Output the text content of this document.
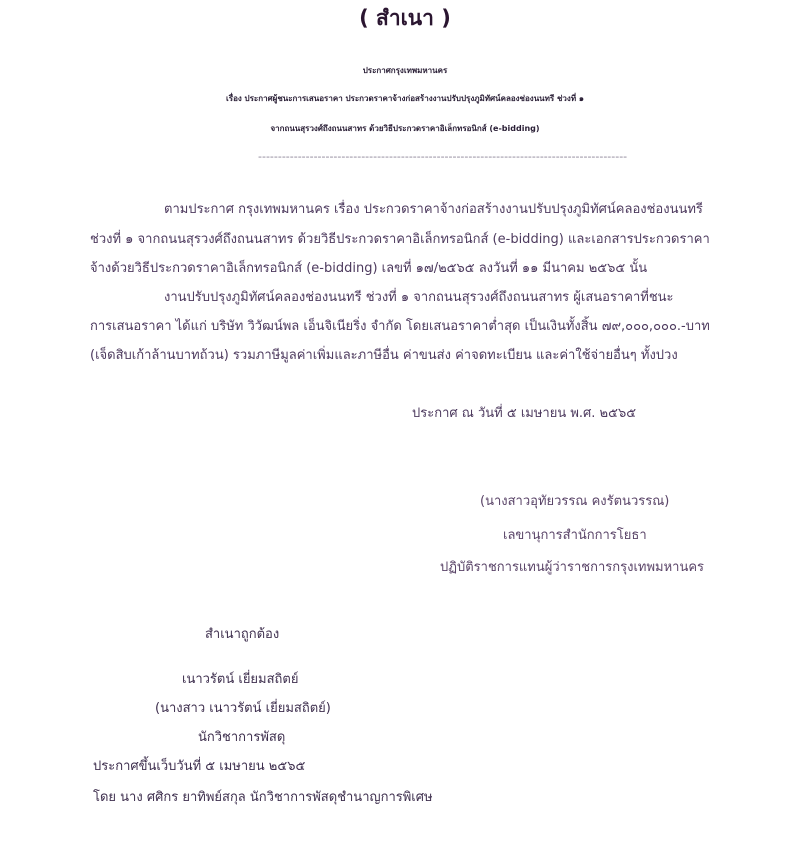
( สำเนา )
ประกาศกรุงเทพมหานคร
เรื่อง ประกาศผู้ชนะการเสนอราคา ประกวดราคาจ้างก่อสร้างงานปรับปรุงภูมิทัศน์คลองช่องนนทรี ช่วงที่ ๑
จากถนนสุรวงศ์ถึงถนนสาทร ด้วยวิธีประกวดราคาอิเล็กทรอนิกส์ (e-bidding)
---------------------------------------------------------------------------------------------
ตามประกาศ กรุงเทพมหานคร เรื่อง ประกวดราคาจ้างก่อสร้างงานปรับปรุงภูมิทัศน์คลองช่องนนทรี
ช่วงที่ ๑ จากถนนสุรวงศ์ถึงถนนสาทร ด้วยวิธีประกวดราคาอิเล็กทรอนิกส์ (e-bidding) และเอกสารประกวดราคา
จ้างด้วยวิธีประกวดราคาอิเล็กทรอนิกส์ (e-bidding) เลขที่ ๑๗/๒๕๖๕ ลงวันที่ ๑๑ มีนาคม ๒๕๖๕ นั้น
งานปรับปรุงภูมิทัศน์คลองช่องนนทรี ช่วงที่ ๑ จากถนนสุรวงศ์ถึงถนนสาทร ผู้เสนอราคาที่ชนะ
การเสนอราคา ได้แก่ บริษัท วิวัฒน์พล เอ็นจิเนียริ่ง จำกัด โดยเสนอราคาต่ำสุด เป็นเงินทั้งสิ้น ๗๙,๐๐๐,๐๐๐.-บาท
(เจ็ดสิบเก้าล้านบาทถ้วน) รวมภาษีมูลค่าเพิ่มและภาษีอื่น ค่าขนส่ง ค่าจดทะเบียน และค่าใช้จ่ายอื่นๆ ทั้งปวง
ประกาศ ณ วันที่ ๕ เมษายน พ.ศ. ๒๕๖๕
(นางสาวอุทัยวรรณ คงรัตนวรรณ)
เลขานุการสำนักการโยธา
ปฏิบัติราชการแทนผู้ว่าราชการกรุงเทพมหานคร
สำเนาถูกต้อง
เนาวรัตน์ เยี่ยมสถิตย์
(นางสาว เนาวรัตน์ เยี่ยมสถิตย์)
นักวิชาการพัสดุ
ประกาศขึ้นเว็บวันที่ ๕ เมษายน ๒๕๖๕
โดย นาง ศศิกร ยาทิพย์สกุล นักวิชาการพัสดุชำนาญการพิเศษ
